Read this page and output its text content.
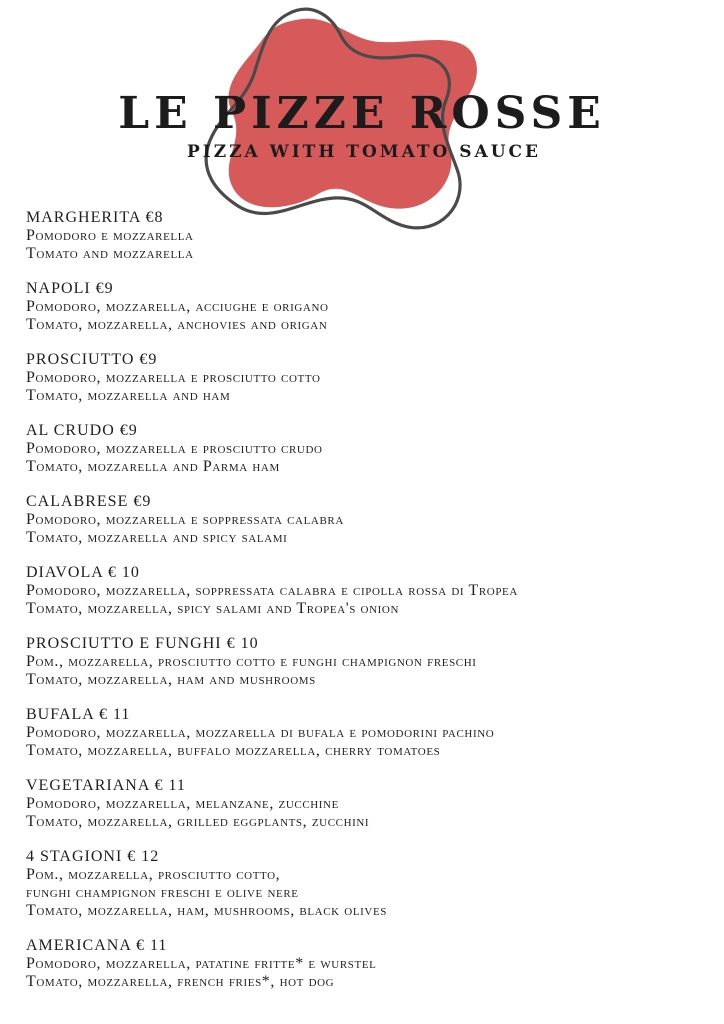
LE PIZZE ROSSE
PIZZA WITH TOMATO SAUCE
MARGHERITA €8
Pomodoro e mozzarella
Tomato and mozzarella
NAPOLI €9
Pomodoro, mozzarella, acciughe e origano
Tomato, mozzarella, anchovies and origan
PROSCIUTTO €9
Pomodoro, mozzarella e prosciutto cotto
Tomato, mozzarella and ham
AL CRUDO €9
Pomodoro, mozzarella e prosciutto crudo
Tomato, mozzarella and Parma ham
CALABRESE €9
Pomodoro, mozzarella e soppressata calabra
Tomato, mozzarella and spicy salami
DIAVOLA € 10
Pomodoro, mozzarella, soppressata calabra e cipolla rossa di Tropea
Tomato, mozzarella, spicy salami and Tropea's onion
PROSCIUTTO E FUNGHI € 10
Pom., mozzarella, prosciutto cotto e funghi champignon freschi
Tomato, mozzarella, ham and mushrooms
BUFALA € 11
Pomodoro, mozzarella, mozzarella di bufala e pomodorini pachino
Tomato, mozzarella, buffalo mozzarella, cherry tomatoes
VEGETARIANA € 11
Pomodoro, mozzarella, melanzane, zucchine
Tomato, mozzarella, grilled eggplants, zucchini
4 STAGIONI € 12
Pom., mozzarella, prosciutto cotto,
funghi champignon freschi e olive nere
Tomato, mozzarella, ham, mushrooms, black olives
AMERICANA € 11
Pomodoro, mozzarella, patatine fritte* e wurstel
Tomato, mozzarella, french fries*, hot dog
